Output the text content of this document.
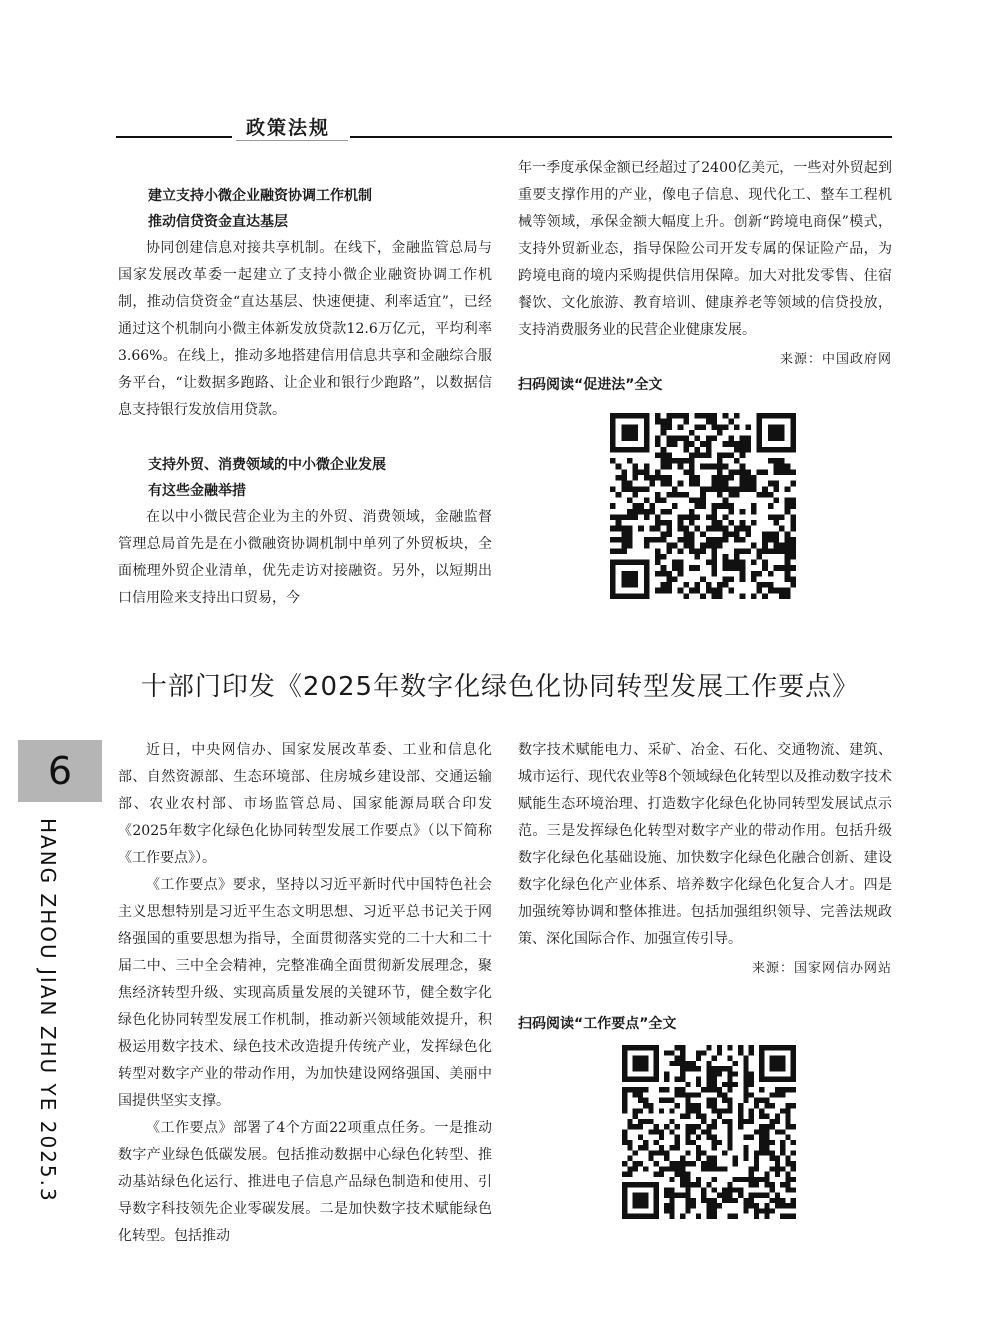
政策法规

建立支持小微企业融资协调工作机制

推动信贷资金直达基层

协同创建信息对接共享机制。在线下，金融监管总局与国家发展改革委一起建立了支持小微企业融资协调工作机制，推动信贷资金“直达基层、快速便捷、利率适宜”，已经通过这个机制向小微主体新发放贷款12.6万亿元，平均利率3.66%。在线上，推动多地搭建信用信息共享和金融综合服务平台，“让数据多跑路、让企业和银行少跑路”，以数据信息支持银行发放信用贷款。

支持外贸、消费领域的中小微企业发展

有这些金融举措

在以中小微民营企业为主的外贸、消费领域，金融监督管理总局首先是在小微融资协调机制中单列了外贸板块，全面梳理外贸企业清单，优先走访对接融资。另外，以短期出口信用险来支持出口贸易，今

年一季度承保金额已经超过了2400亿美元，一些对外贸起到重要支撑作用的产业，像电子信息、现代化工、整车工程机械等领域，承保金额大幅度上升。创新“跨境电商保”模式，支持外贸新业态，指导保险公司开发专属的保证险产品，为跨境电商的境内采购提供信用保障。加大对批发零售、住宿餐饮、文化旅游、教育培训、健康养老等领域的信贷投放，支持消费服务业的民营企业健康发展。

来源：中国政府网

扫码阅读“促进法”全文

十部门印发《2025年数字化绿色化协同转型发展工作要点》
6
HANG ZHOU JIAN ZHU YE 2025.3

近日，中央网信办、国家发展改革委、工业和信息化部、自然资源部、生态环境部、住房城乡建设部、交通运输部、农业农村部、市场监管总局、国家能源局联合印发《2025年数字化绿色化协同转型发展工作要点》（以下简称《工作要点》）。

《工作要点》要求，坚持以习近平新时代中国特色社会主义思想特别是习近平生态文明思想、习近平总书记关于网络强国的重要思想为指导，全面贯彻落实党的二十大和二十届二中、三中全会精神，完整准确全面贯彻新发展理念，聚焦经济转型升级、实现高质量发展的关键环节，健全数字化绿色化协同转型发展工作机制，推动新兴领域能效提升，积极运用数字技术、绿色技术改造提升传统产业，发挥绿色化转型对数字产业的带动作用，为加快建设网络强国、美丽中国提供坚实支撑。

《工作要点》部署了4个方面22项重点任务。一是推动数字产业绿色低碳发展。包括推动数据中心绿色化转型、推动基站绿色化运行、推进电子信息产品绿色制造和使用、引导数字科技领先企业零碳发展。二是加快数字技术赋能绿色化转型。包括推动

数字技术赋能电力、采矿、冶金、石化、交通物流、建筑、城市运行、现代农业等8个领域绿色化转型以及推动数字技术赋能生态环境治理、打造数字化绿色化协同转型发展试点示范。三是发挥绿色化转型对数字产业的带动作用。包括升级数字化绿色化基础设施、加快数字化绿色化融合创新、建设数字化绿色化产业体系、培养数字化绿色化复合人才。四是加强统筹协调和整体推进。包括加强组织领导、完善法规政策、深化国际合作、加强宣传引导。

来源：国家网信办网站

扫码阅读“工作要点”全文
